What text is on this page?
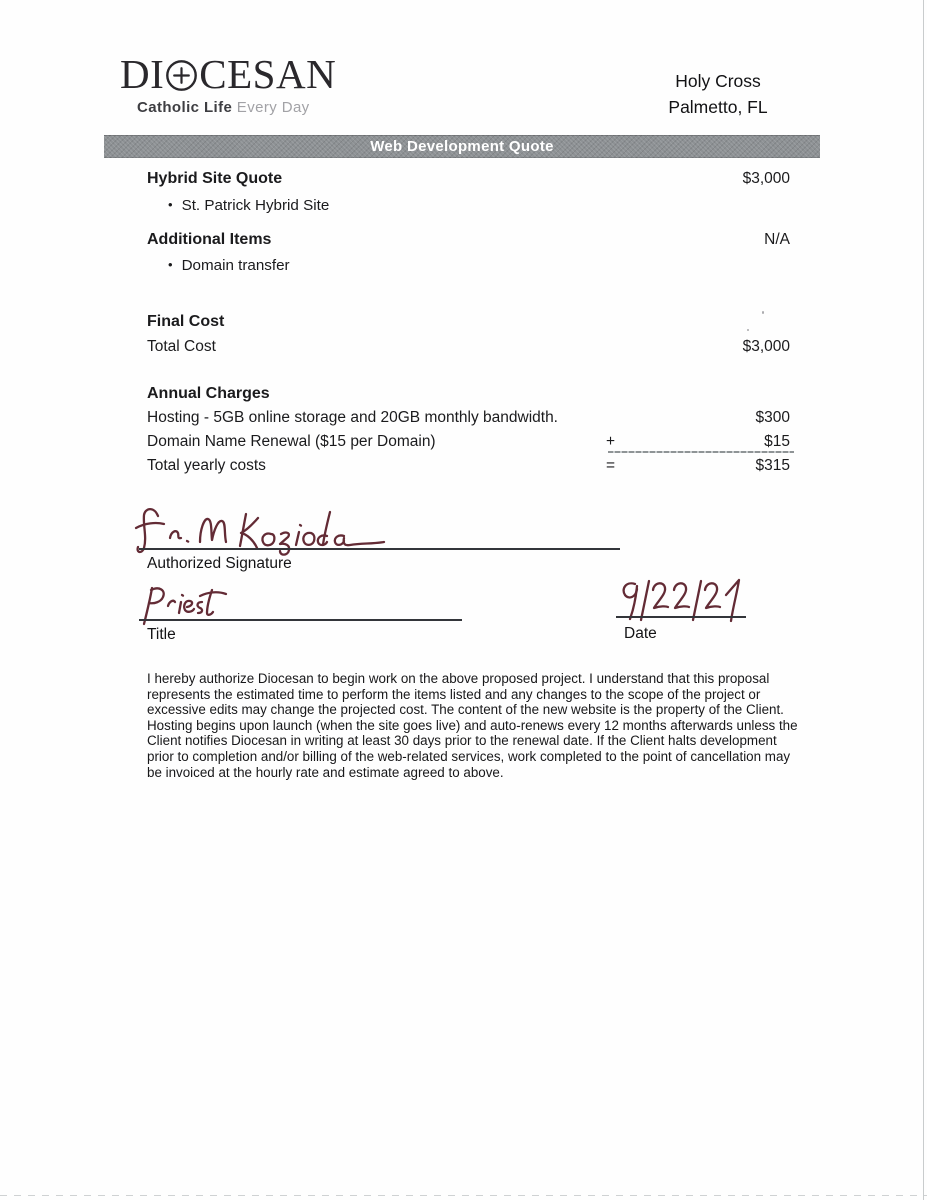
DI CESAN
Catholic Life Every Day
Holy Cross
Palmetto, FL
Web Development Quote
Hybrid Site Quote	$3,000
• St. Patrick Hybrid Site
Additional Items	N/A
• Domain transfer
Final Cost
Total Cost	$3,000
Annual Charges
Hosting - 5GB online storage and 20GB monthly bandwidth.	$300
Domain Name Renewal ($15 per Domain)	+	$15
Total yearly costs	=	$315
Authorized Signature
Title	Date

I hereby authorize Diocesan to begin work on the above proposed project. I understand that this proposal represents the estimated time to perform the items listed and any changes to the scope of the project or excessive edits may change the projected cost. The content of the new website is the property of the Client. Hosting begins upon launch (when the site goes live) and auto-renews every 12 months afterwards unless the Client notifies Diocesan in writing at least 30 days prior to the renewal date. If the Client halts development prior to completion and/or billing of the web-related services, work completed to the point of cancellation may be invoiced at the hourly rate and estimate agreed to above.
